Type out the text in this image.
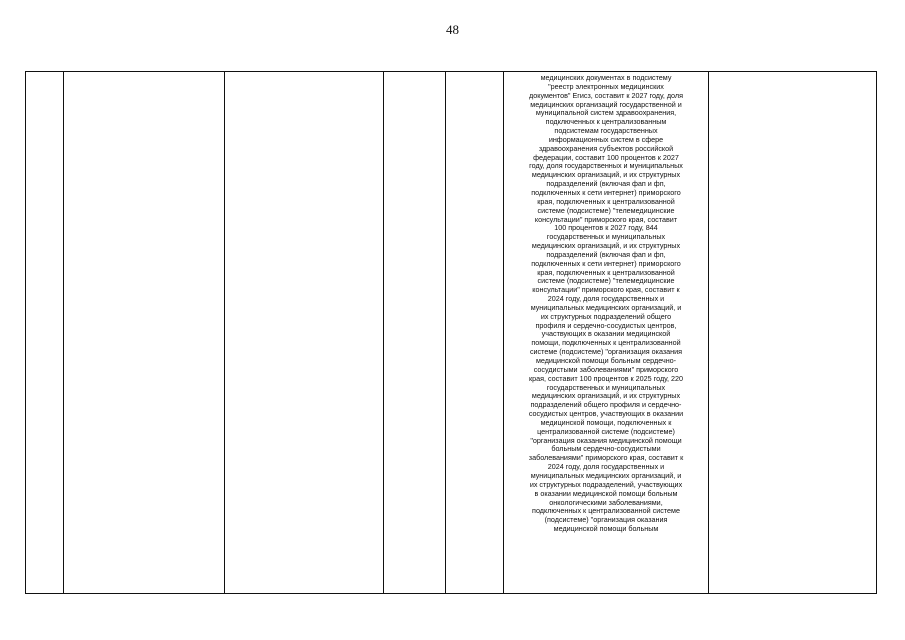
48
медицинских документах в подсистему
"реестр электронных медицинских
документов" Егисз, составит к 2027 году, доля
медицинских организаций государственной и
муниципальной систем здравоохранения,
подключенных к централизованным
подсистемам государственных
информационных систем в сфере
здравоохранения субъектов российской
федерации, составит 100 процентов к 2027
году, доля государственных и муниципальных
медицинских организаций, и их структурных
подразделений (включая фап и фп,
подключенных к сети интернет) приморского
края, подключенных к централизованной
системе (подсистеме) "телемедицинские
консультации" приморского края, составит
100 процентов к 2027 году, 844
государственных и муниципальных
медицинских организаций, и их структурных
подразделений (включая фап и фп,
подключенных к сети интернет) приморского
края, подключенных к централизованной
системе (подсистеме) "телемедицинские
консультации" приморского края, составит к
2024 году, доля государственных и
муниципальных медицинских организаций, и
их структурных подразделений общего
профиля и сердечно-сосудистых центров,
участвующих в оказании медицинской
помощи, подключенных к централизованной
системе (подсистеме) "организация оказания
медицинской помощи больным сердечно-
сосудистыми заболеваниями" приморского
края, составит 100 процентов к 2025 году, 220
государственных и муниципальных
медицинских организаций, и их структурных
подразделений общего профиля и сердечно-
сосудистых центров, участвующих в оказании
медицинской помощи, подключенных к
централизованной системе (подсистеме)
"организация оказания медицинской помощи
больным сердечно-сосудистыми
заболеваниями" приморского края, составит к
2024 году, доля государственных и
муниципальных медицинских организаций, и
их структурных подразделений, участвующих
в оказании медицинской помощи больным
онкологическими заболеваниями,
подключенных к централизованной системе
(подсистеме) "организация оказания
медицинской помощи больным
